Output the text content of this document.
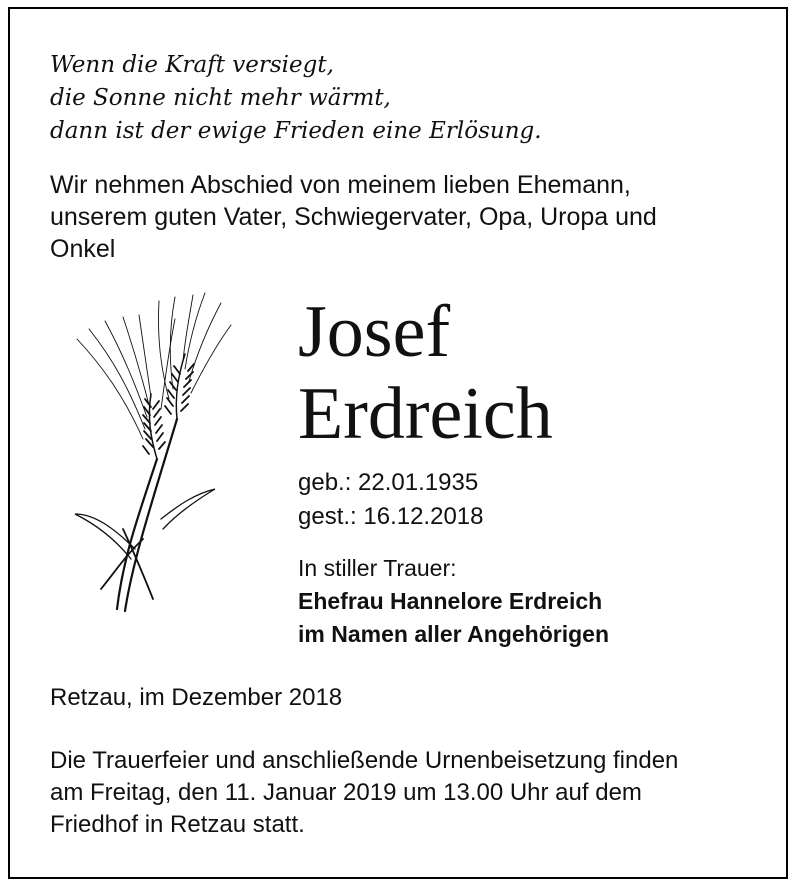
Wenn die Kraft versiegt,
die Sonne nicht mehr wärmt,
dann ist der ewige Frieden eine Erlösung.
Wir nehmen Abschied von meinem lieben Ehemann,
unserem guten Vater, Schwiegervater, Opa, Uropa und
Onkel
Josef
Erdreich
geb.: 22.01.1935
gest.: 16.12.2018
In stiller Trauer:
Ehefrau Hannelore Erdreich
im Namen aller Angehörigen
Retzau, im Dezember 2018
Die Trauerfeier und anschließende Urnenbeisetzung finden
am Freitag, den 11. Januar 2019 um 13.00 Uhr auf dem
Friedhof in Retzau statt.
